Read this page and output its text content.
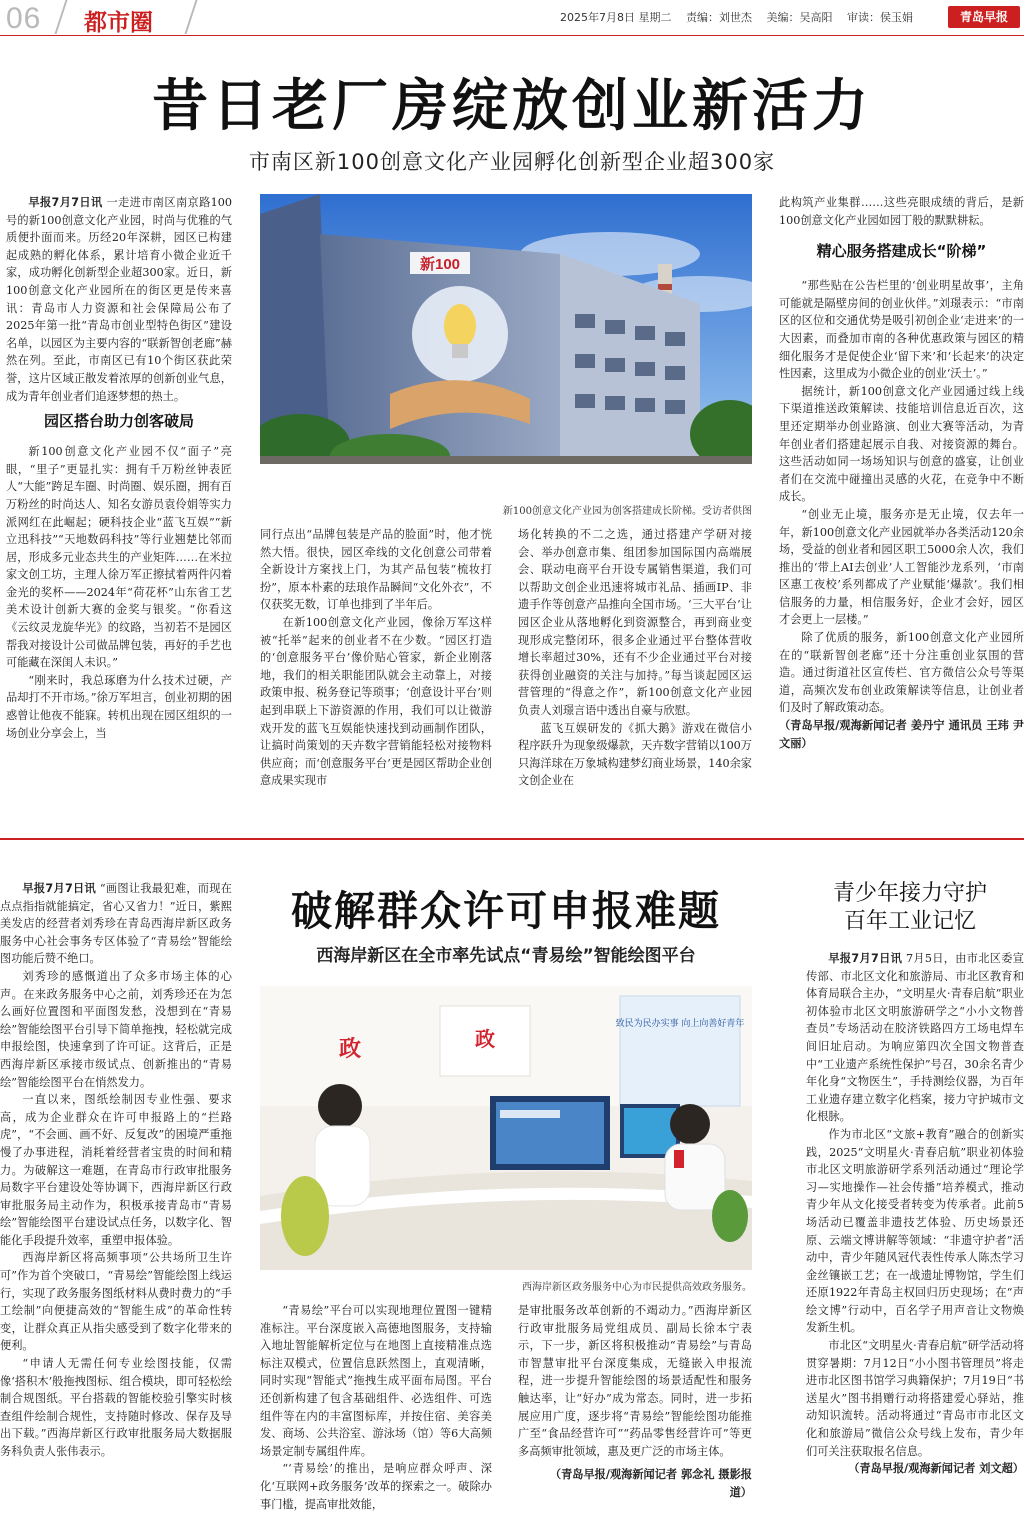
06 都市圈	2025年7月8日 星期二 责编：刘世杰 美编：吴高阳 审读：侯玉娟	青岛早报
昔日老厂房绽放创业新活力
市南区新100创意文化产业园孵化创新型企业超300家

早报7月7日讯 一走进市南区南京路100号的新100创意文化产业园，时尚与优雅的气质便扑面而来。历经20年深耕，园区已构建起成熟的孵化体系，累计培育小微企业近千家，成功孵化创新型企业超300家。近日，新100创意文化产业园所在的街区更是传来喜讯：青岛市人力资源和社会保障局公布了2025年第一批“青岛市创业型特色街区”建设名单，以园区为主要内容的“联新智创老廊”赫然在列。至此，市南区已有10个街区获此荣誉，这片区域正散发着浓厚的创新创业气息，成为青年创业者们追逐梦想的热土。

园区搭台助力创客破局

新100创意文化产业园不仅“面子”亮眼，“里子”更显扎实：拥有千万粉丝钟表匠人“大能”跨足车圈、时尚圈、娱乐圈，拥有百万粉丝的时尚达人、知名女游员袁伶娟等实力派网红在此崛起；硬科技企业“蓝飞互娱”“新立迅科技”“天地数码科技”等行业翘楚比邻而居，形成多元业态共生的产业矩阵……在米拉家文创工坊，主理人徐万军正擦拭着两件闪着金光的奖杯——2024年“荷花杯”山东省工艺美术设计创新大赛的金奖与银奖。“你看这《云纹灵龙旋华光》的纹路，当初若不是园区帮我对接设计公司做品牌包装，再好的手艺也可能藏在深闺人未识。”

“刚来时，我总琢磨为什么技术过硬，产品却打不开市场。”徐万军坦言，创业初期的困惑曾让他夜不能寐。转机出现在园区组织的一场创业分享会上，当

新100
新100创意文化产业园为创客搭建成长阶梯。受访者供图

同行点出“品牌包装是产品的脸面”时，他才恍然大悟。很快，园区牵线的文化创意公司带着全新设计方案找上门，为其产品包装“梳妆打扮”，原本朴素的珐琅作品瞬间“文化外衣”，不仅获奖无数，订单也排到了半年后。

在新100创意文化产业园，像徐万军这样被“托举”起来的创业者不在少数。“园区打造的‘创意服务平台’像价贴心管家，新企业刚落地，我们的相关职能团队就会主动靠上，对接政策申报、税务登记等琐事；‘创意设计平台’则起到串联上下游资源的作用，我们可以让微游戏开发的蓝飞互娱能快速找到动画制作团队，让搞时尚策划的天卉数字营销能轻松对接物料供应商；而‘创意服务平台’更是园区帮助企业创意成果实现市

场化转换的不二之选，通过搭建产学研对接会、举办创意市集、组团参加国际国内高端展会、联动电商平台开设专属销售渠道，我们可以帮助文创企业迅速将城市礼品、插画IP、非遗手作等创意产品推向全国市场。‘三大平台’让园区企业从落地孵化到资源整合，再到商业变现形成完整闭环，很多企业通过平台整体营收增长率超过30%，还有不少企业通过平台对接获得创业融资的关注与加持。”每当谈起园区运营管理的“得意之作”，新100创意文化产业园负责人刘璟言语中透出自豪与欣慰。

蓝飞互娱研发的《抓大鹅》游戏在微信小程序跃升为现象级爆款，天卉数字营销以100万只海洋球在万象城构建梦幻商业场景，140余家文创企业在

此构筑产业集群……这些亮眼成绩的背后，是新100创意文化产业园如园丁般的默默耕耘。

精心服务搭建成长“阶梯”

“那些贴在公告栏里的‘创业明星故事’，主角可能就是隔壁房间的创业伙伴。”刘璟表示：“市南区的区位和交通优势是吸引初创企业‘走进来’的一大因素，而叠加市南的各种优惠政策与园区的精细化服务才是促使企业‘留下来’和‘长起来’的决定性因素，这里成为小微企业的创业‘沃土’。”

据统计，新100创意文化产业园通过线上线下渠道推送政策解读、技能培训信息近百次，这里还定期举办创业路演、创业大赛等活动，为青年创业者们搭建起展示自我、对接资源的舞台。这些活动如同一场场知识与创意的盛宴，让创业者们在交流中碰撞出灵感的火花，在竞争中不断成长。

“创业无止境，服务亦是无止境，仅去年一年，新100创意文化产业园就举办各类活动120余场，受益的创业者和园区职工5000余人次，我们推出的‘带上AI去创业’人工智能沙龙系列，‘市南区惠工夜校’系列都成了产业赋能‘爆款’。我们相信服务的力量，相信服务好，企业才会好，园区才会更上一层楼。”

除了优质的服务，新100创意文化产业园所在的“联新智创老廊”还十分注重创业氛围的营造。通过街道社区宣传栏、官方微信公众号等渠道，高频次发布创业政策解读等信息，让创业者们及时了解政策动态。

（青岛早报/观海新闻记者 姜丹宁 通讯员 王玮 尹文丽）

早报7月7日讯 “画图让我最犯难，而现在点点指指就能搞定，省心又省力！”近日，紫熙美发店的经营者刘秀珍在青岛西海岸新区政务服务中心社会事务专区体验了“青易绘”智能绘图功能后赞不绝口。

刘秀珍的感慨道出了众多市场主体的心声。在来政务服务中心之前，刘秀珍还在为怎么画好位置图和平面图发愁，没想到在“青易绘”智能绘图平台引导下简单拖拽，轻松就完成申报绘图，快速拿到了许可证。这背后，正是西海岸新区承接市级试点、创新推出的“青易绘”智能绘图平台在悄然发力。

一直以来，图纸绘制因专业性强、要求高，成为企业群众在许可申报路上的“拦路虎”，“不会画、画不好、反复改”的困境严重拖慢了办事进程，消耗着经营者宝贵的时间和精力。为破解这一难题，在青岛市行政审批服务局数字平台建设处等协调下，西海岸新区行政审批服务局主动作为，积极承接青岛市“青易绘”智能绘图平台建设试点任务，以数字化、智能化手段提升效率，重塑申报体验。

西海岸新区将高频事项“公共场所卫生许可”作为首个突破口，“青易绘”智能绘图上线运行，实现了政务服务图纸材料从费时费力的“手工绘制”向便捷高效的“智能生成”的革命性转变，让群众真正从指尖感受到了数字化带来的便利。

“申请人无需任何专业绘图技能，仅需像‘搭积木’般拖拽图标、组合模块，即可轻松绘制合规图纸。平台搭载的智能校验引擎实时核查组件绘制合规性，支持随时修改、保存及导出下载。”西海岸新区行政审批服务局大数据服务科负责人张伟表示。

破解群众许可申报难题
西海岸新区在全市率先试点“青易绘”智能绘图平台
政
致民为民办实事 向上向善好青年
政
西海岸新区政务服务中心为市民提供高效政务服务。

“青易绘”平台可以实现地理位置图一键精准标注。平台深度嵌入高德地图服务，支持输入地址智能解析定位与在地图上直接精准点选标注双模式，位置信息跃然图上，直观清晰，同时实现“智能式”拖拽生成平面布局图。平台还创新构建了包含基础组件、必选组件、可选组件等在内的丰富图标库，并按住宿、美容美发、商场、公共浴室、游泳场（馆）等6大高频场景定制专属组件库。

“‘青易绘’的推出，是响应群众呼声、深化‘互联网+政务服务’改革的探索之一。破除办事门槛，提高审批效能，

是审批服务改革创新的不竭动力。”西海岸新区行政审批服务局党组成员、副局长徐本宁表示，下一步，新区将积极推动“青易绘”与青岛市智慧审批平台深度集成，无缝嵌入申报流程，进一步提升智能绘图的场景适配性和服务触达率，让“好办”成为常态。同时，进一步拓展应用广度，逐步将“青易绘”智能绘图功能推广至“食品经营许可”“药品零售经营许可”等更多高频审批领域，惠及更广泛的市场主体。

（青岛早报/观海新闻记者 郭念礼 摄影报道）

青少年接力守护
百年工业记忆

早报7月7日讯 7月5日，由市北区委宣传部、市北区文化和旅游局、市北区教育和体育局联合主办，“文明星火·青春启航”职业初体验市北区文明旅游研学之“小小文物普查员”专场活动在胶济铁路四方工场电焊车间旧址启动。为响应第四次全国文物普查中“工业遗产系统性保护”号召，30余名青少年化身“文物医生”，手持测绘仪器，为百年工业遗存建立数字化档案，接力守护城市文化根脉。

作为市北区“文旅+教育”融合的创新实践，2025“文明星火·青春启航”职业初体验市北区文明旅游研学系列活动通过“理论学习—实地操作—社会传播”培养模式，推动青少年从文化接受者转变为传承者。此前5场活动已覆盖非遗技艺体验、历史场景还原、云端文博讲解等领域：“非遗守护者”活动中，青少年随风冠代表性传承人陈杰学习金丝镶嵌工艺；在一战遗址博物馆，学生们还原1922年青岛主权回归历史现场；在“声绘文博”行动中，百名学子用声音让文物焕发新生机。

市北区“文明星火·青春启航”研学活动将贯穿暑期：7月12日“小小图书管理员”将走进市北区图书馆学习典籍保护；7月19日“书送星火”图书捐赠行动将搭建爱心驿站，推动知识流转。活动将通过“青岛市市北区文化和旅游局”微信公众号线上发布，青少年们可关注获取报名信息。

（青岛早报/观海新闻记者 刘文超）
